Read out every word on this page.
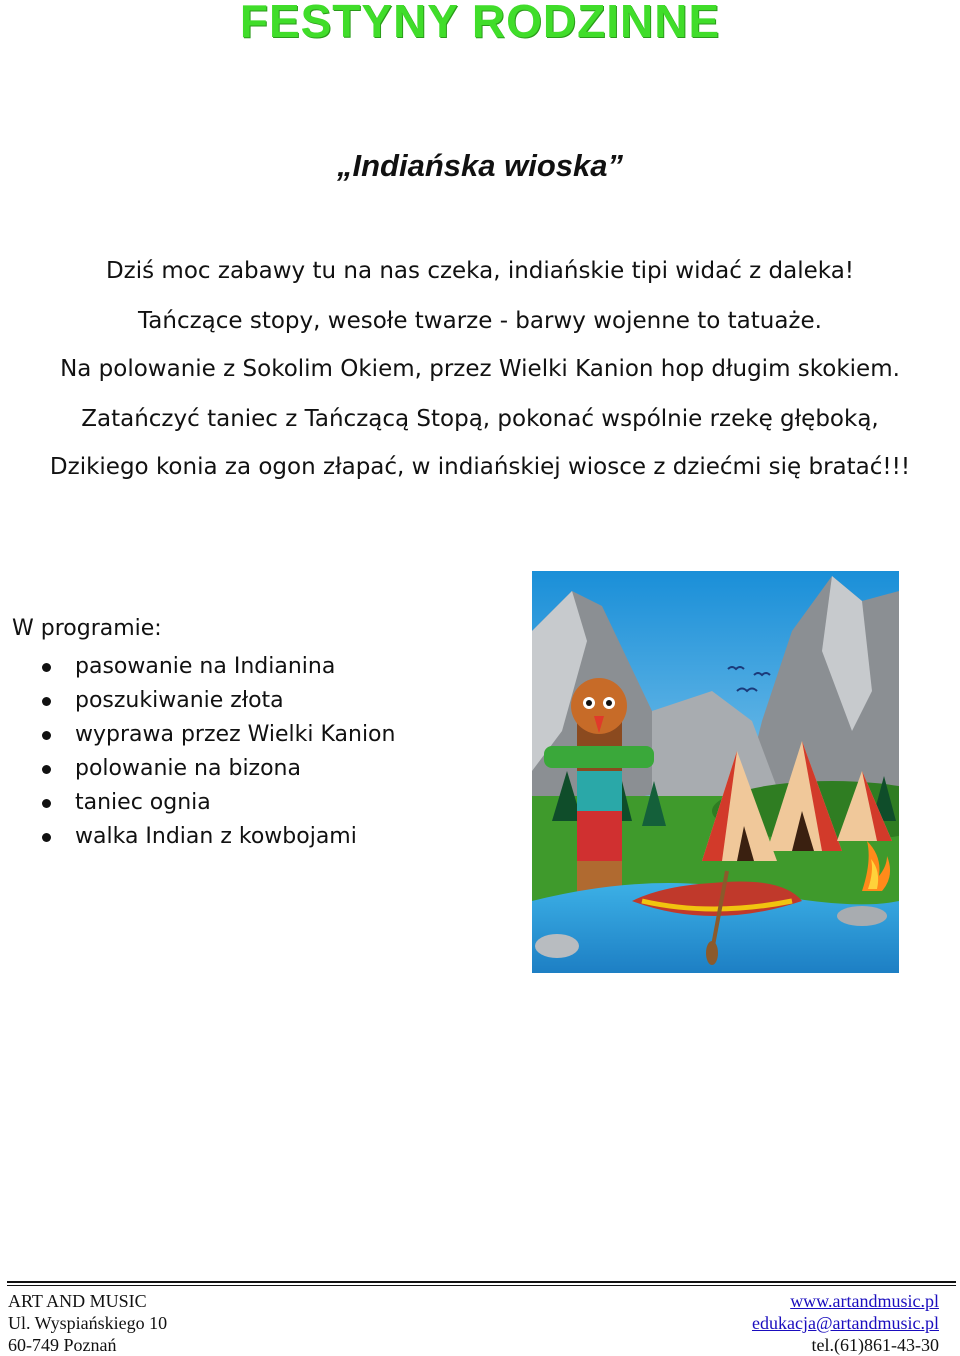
FESTYNY RODZINNE
„Indiańska wioska”
Dziś moc zabawy tu na nas czeka, indiańskie tipi widać z daleka!
Tańczące stopy, wesołe twarze - barwy wojenne to tatuaże.
Na polowanie z Sokolim Okiem, przez Wielki Kanion hop długim skokiem.
Zatańczyć taniec z Tańczącą Stopą, pokonać wspólnie rzekę głęboką,
Dzikiego konia za ogon złapać, w indiańskiej wiosce z dziećmi się bratać!!!
W programie:
pasowanie na Indianina
poszukiwanie złota
wyprawa przez Wielki Kanion
polowanie na bizona
taniec ognia
walka Indian z kowbojami
ART AND MUSIC
Ul. Wyspiańskiego 10
60-749 Poznań
www.artandmusic.pl
edukacja@artandmusic.pl
tel.(61)861-43-30
